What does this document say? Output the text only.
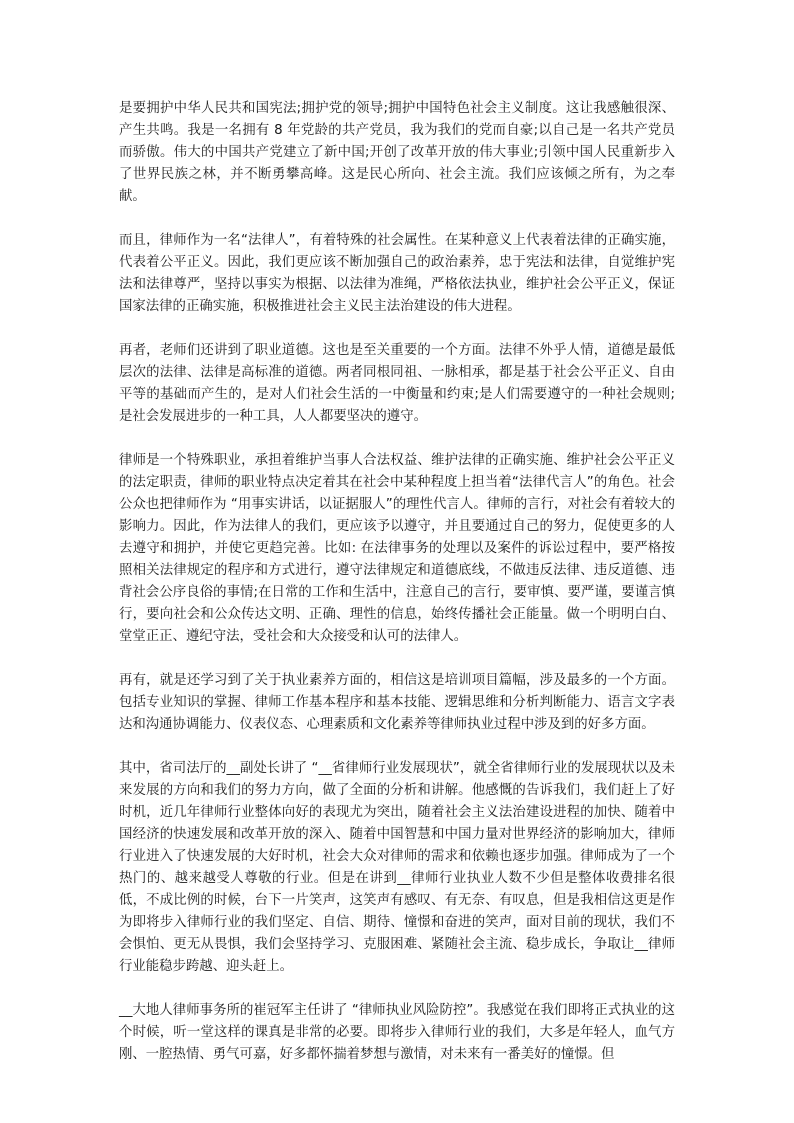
是要拥护中华人民共和国宪法;拥护党的领导;拥护中国特色社会主义制度。这让我感触很深、产生共鸣。我是一名拥有 8 年党龄的共产党员，我为我们的党而自豪;以自己是一名共产党员而骄傲。伟大的中国共产党建立了新中国;开创了改革开放的伟大事业;引领中国人民重新步入了世界民族之林，并不断勇攀高峰。这是民心所向、社会主流。我们应该倾之所有，为之奉献。

而且，律师作为一名“法律人”，有着特殊的社会属性。在某种意义上代表着法律的正确实施，代表着公平正义。因此，我们更应该不断加强自己的政治素养，忠于宪法和法律，自觉维护宪法和法律尊严，坚持以事实为根据、以法律为准绳，严格依法执业，维护社会公平正义，保证国家法律的正确实施，积极推进社会主义民主法治建设的伟大进程。

再者，老师们还讲到了职业道德。这也是至关重要的一个方面。法律不外乎人情，道德是最低层次的法律、法律是高标准的道德。两者同根同祖、一脉相承，都是基于社会公平正义、自由平等的基础而产生的，是对人们社会生活的一中衡量和约束;是人们需要遵守的一种社会规则;是社会发展进步的一种工具，人人都要坚决的遵守。

律师是一个特殊职业，承担着维护当事人合法权益、维护法律的正确实施、维护社会公平正义的法定职责，律师的职业特点决定着其在社会中某种程度上担当着“法律代言人”的角色。社会公众也把律师作为 “用事实讲话，以证据服人”的理性代言人。律师的言行，对社会有着较大的影响力。因此，作为法律人的我们，更应该予以遵守，并且要通过自己的努力，促使更多的人去遵守和拥护，并使它更趋完善。比如: 在法律事务的处理以及案件的诉讼过程中，要严格按照相关法律规定的程序和方式进行，遵守法律规定和道德底线，不做违反法律、违反道德、违背社会公序良俗的事情;在日常的工作和生活中，注意自己的言行，要审慎、要严谨，要谨言慎行，要向社会和公众传达文明、正确、理性的信息，始终传播社会正能量。做一个明明白白、堂堂正正、遵纪守法，受社会和大众接受和认可的法律人。

再有，就是还学习到了关于执业素养方面的，相信这是培训项目篇幅，涉及最多的一个方面。包括专业知识的掌握、律师工作基本程序和基本技能、逻辑思维和分析判断能力、语言文字表达和沟通协调能力、仪表仪态、心理素质和文化素养等律师执业过程中涉及到的好多方面。

其中，省司法厅的__副处长讲了 “__省律师行业发展现状”，就全省律师行业的发展现状以及未来发展的方向和我们的努力方向，做了全面的分析和讲解。他感慨的告诉我们，我们赶上了好时机，近几年律师行业整体向好的表现尤为突出，随着社会主义法治建设进程的加快、随着中国经济的快速发展和改革开放的深入、随着中国智慧和中国力量对世界经济的影响加大，律师行业进入了快速发展的大好时机，社会大众对律师的需求和依赖也逐步加强。律师成为了一个热门的、越来越受人尊敬的行业。但是在讲到__律师行业执业人数不少但是整体收费排名很低，不成比例的时候，台下一片笑声，这笑声有感叹、有无奈、有叹息，但是我相信这更是作为即将步入律师行业的我们坚定、自信、期待、憧憬和奋进的笑声，面对目前的现状，我们不会惧怕、更无从畏惧，我们会坚持学习、克服困难、紧随社会主流、稳步成长，争取让__律师行业能稳步跨越、迎头赶上。

__大地人律师事务所的崔冠军主任讲了 “律师执业风险防控”。我感觉在我们即将正式执业的这个时候，听一堂这样的课真是非常的必要。即将步入律师行业的我们，大多是年轻人，血气方刚、一腔热情、勇气可嘉，好多都怀揣着梦想与激情，对未来有一番美好的憧憬。但
